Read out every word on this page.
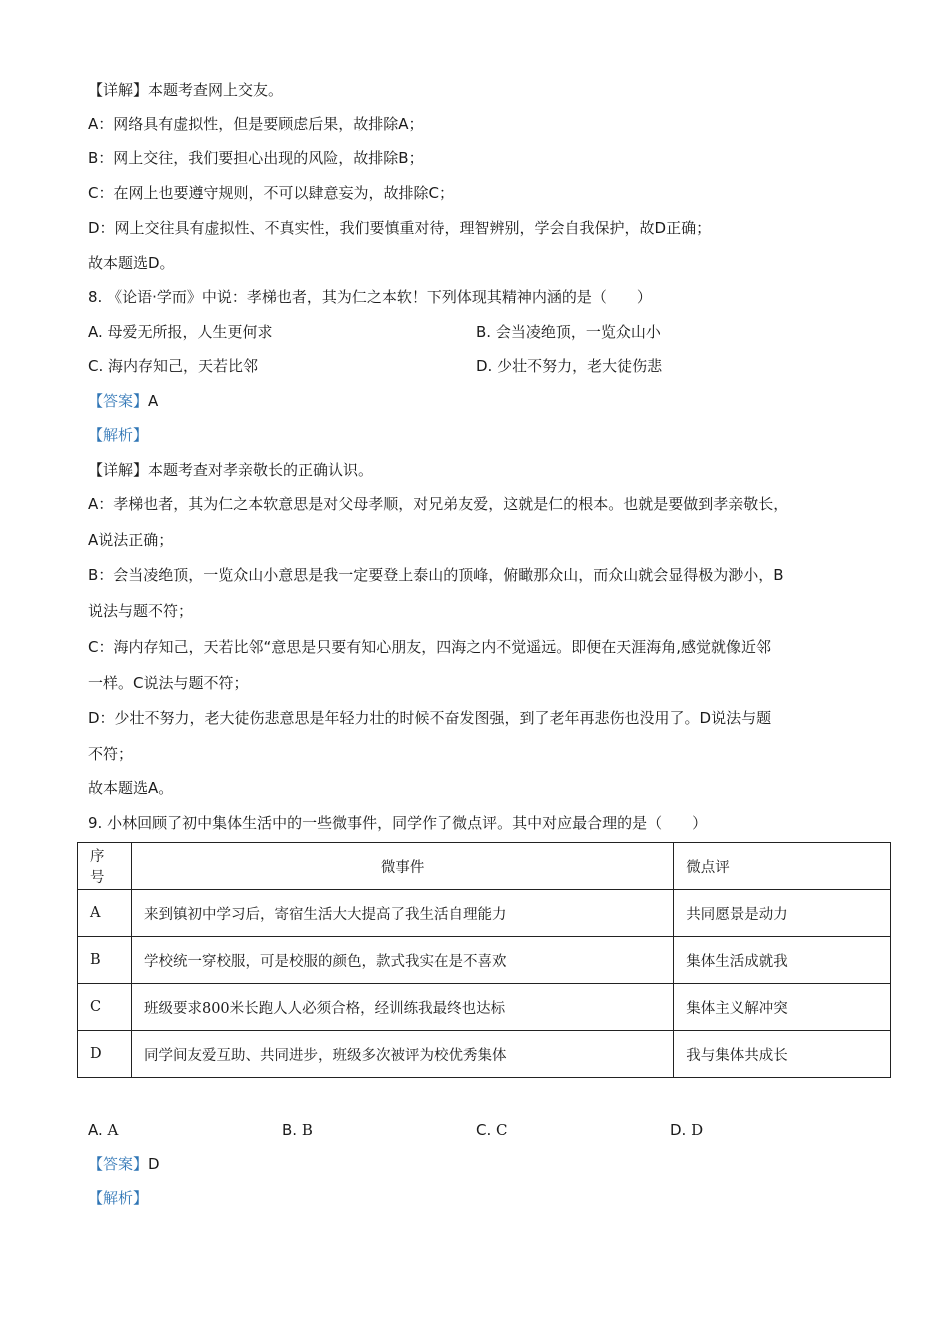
【详解】本题考查网上交友。
A：网络具有虚拟性，但是要顾虑后果，故排除A；
B：网上交往，我们要担心出现的风险，故排除B；
C：在网上也要遵守规则，不可以肆意妄为，故排除C；
D：网上交往具有虚拟性、不真实性，我们要慎重对待，理智辨别，学会自我保护，故D正确；
故本题选D。
8. 《论语·学而》中说：孝梯也者，其为仁之本软！下列体现其精神内涵的是（　　）
A. 母爱无所报，人生更何求	B. 会当凌绝顶，一览众山小
C. 海内存知己，天若比邻	D. 少壮不努力，老大徒伤悲
【答案】A
【解析】
【详解】本题考查对孝亲敬长的正确认识。
A：孝梯也者，其为仁之本软意思是对父母孝顺，对兄弟友爱，这就是仁的根本。也就是要做到孝亲敬长，
A说法正确；
B：会当凌绝顶，一览众山小意思是我一定要登上泰山的顶峰，俯瞰那众山，而众山就会显得极为渺小，B
说法与题不符；
C：海内存知己，天若比邻“意思是只要有知心朋友，四海之内不觉遥远。即便在天涯海角,感觉就像近邻
一样。C说法与题不符；
D：少壮不努力，老大徒伤悲意思是年轻力壮的时候不奋发图强，到了老年再悲伤也没用了。D说法与题
不符；
故本题选A。
9. 小林回顾了初中集体生活中的一些微事件，同学作了微点评。其中对应最合理的是（　　）
序号	微事件	微点评
A	来到镇初中学习后，寄宿生活大大提高了我生活自理能力	共同愿景是动力
B	学校统一穿校服，可是校服的颜色，款式我实在是不喜欢	集体生活成就我
C	班级要求800米长跑人人必须合格，经训练我最终也达标	集体主义解冲突
D	同学间友爱互助、共同进步，班级多次被评为校优秀集体	我与集体共成长
A. A	B. B	C. C	D. D
【答案】D
【解析】
